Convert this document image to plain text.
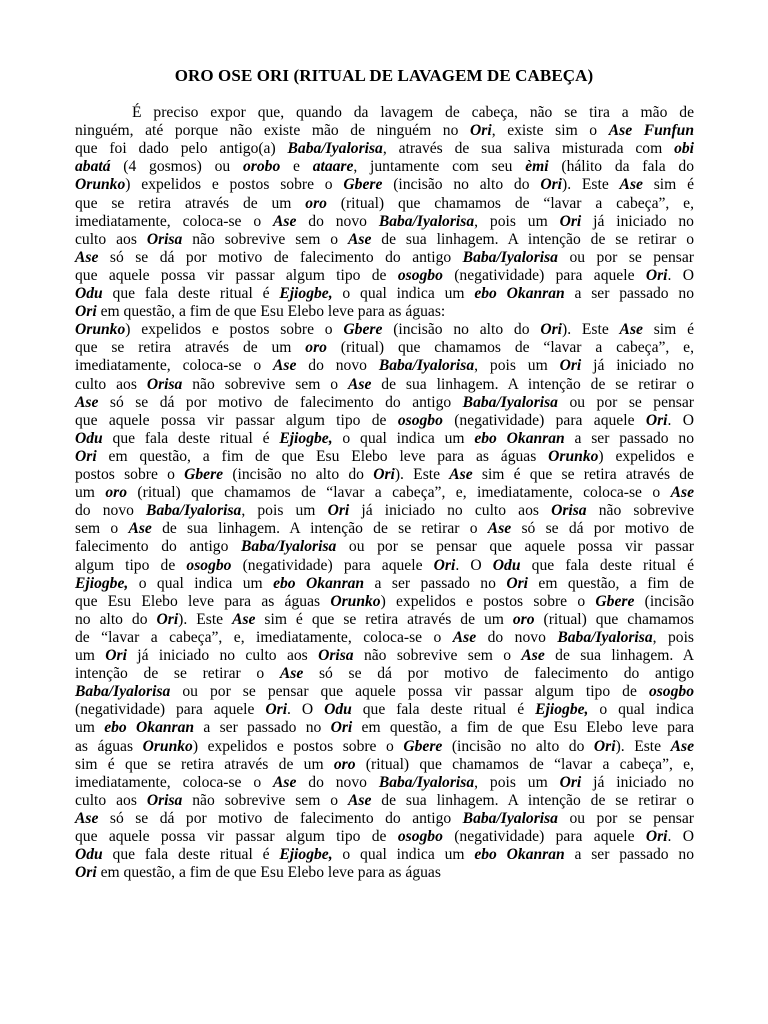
ORO OSE ORI (RITUAL DE LAVAGEM DE CABEÇA)
É preciso expor que, quando da lavagem de cabeça, não se tira a mão de
ninguém, até porque não existe mão de ninguém no Ori, existe sim o Ase Funfun
que foi dado pelo antigo(a) Baba/Iyalorisa, através de sua saliva misturada com obi
abatá (4 gosmos) ou orobo e ataare, juntamente com seu èmi (hálito da fala do
Orunko) expelidos e postos sobre o Gbere (incisão no alto do Ori). Este Ase sim é
que se retira através de um oro (ritual) que chamamos de “lavar a cabeça”, e,
imediatamente, coloca-se o Ase do novo Baba/Iyalorisa, pois um Ori já iniciado no
culto aos Orisa não sobrevive sem o Ase de sua linhagem. A intenção de se retirar o
Ase só se dá por motivo de falecimento do antigo Baba/Iyalorisa ou por se pensar
que aquele possa vir passar algum tipo de osogbo (negatividade) para aquele Ori. O
Odu que fala deste ritual é Ejiogbe, o qual indica um ebo Okanran a ser passado no
Ori em questão, a fim de que Esu Elebo leve para as águas:
Orunko) expelidos e postos sobre o Gbere (incisão no alto do Ori). Este Ase sim é
que se retira através de um oro (ritual) que chamamos de “lavar a cabeça”, e,
imediatamente, coloca-se o Ase do novo Baba/Iyalorisa, pois um Ori já iniciado no
culto aos Orisa não sobrevive sem o Ase de sua linhagem. A intenção de se retirar o
Ase só se dá por motivo de falecimento do antigo Baba/Iyalorisa ou por se pensar
que aquele possa vir passar algum tipo de osogbo (negatividade) para aquele Ori. O
Odu que fala deste ritual é Ejiogbe, o qual indica um ebo Okanran a ser passado no
Ori em questão, a fim de que Esu Elebo leve para as águas Orunko) expelidos e
postos sobre o Gbere (incisão no alto do Ori). Este Ase sim é que se retira através de
um oro (ritual) que chamamos de “lavar a cabeça”, e, imediatamente, coloca-se o Ase
do novo Baba/Iyalorisa, pois um Ori já iniciado no culto aos Orisa não sobrevive
sem o Ase de sua linhagem. A intenção de se retirar o Ase só se dá por motivo de
falecimento do antigo Baba/Iyalorisa ou por se pensar que aquele possa vir passar
algum tipo de osogbo (negatividade) para aquele Ori. O Odu que fala deste ritual é
Ejiogbe, o qual indica um ebo Okanran a ser passado no Ori em questão, a fim de
que Esu Elebo leve para as águas Orunko) expelidos e postos sobre o Gbere (incisão
no alto do Ori). Este Ase sim é que se retira através de um oro (ritual) que chamamos
de “lavar a cabeça”, e, imediatamente, coloca-se o Ase do novo Baba/Iyalorisa, pois
um Ori já iniciado no culto aos Orisa não sobrevive sem o Ase de sua linhagem. A
intenção de se retirar o Ase só se dá por motivo de falecimento do antigo
Baba/Iyalorisa ou por se pensar que aquele possa vir passar algum tipo de osogbo
(negatividade) para aquele Ori. O Odu que fala deste ritual é Ejiogbe, o qual indica
um ebo Okanran a ser passado no Ori em questão, a fim de que Esu Elebo leve para
as águas Orunko) expelidos e postos sobre o Gbere (incisão no alto do Ori). Este Ase
sim é que se retira através de um oro (ritual) que chamamos de “lavar a cabeça”, e,
imediatamente, coloca-se o Ase do novo Baba/Iyalorisa, pois um Ori já iniciado no
culto aos Orisa não sobrevive sem o Ase de sua linhagem. A intenção de se retirar o
Ase só se dá por motivo de falecimento do antigo Baba/Iyalorisa ou por se pensar
que aquele possa vir passar algum tipo de osogbo (negatividade) para aquele Ori. O
Odu que fala deste ritual é Ejiogbe, o qual indica um ebo Okanran a ser passado no
Ori em questão, a fim de que Esu Elebo leve para as águas
